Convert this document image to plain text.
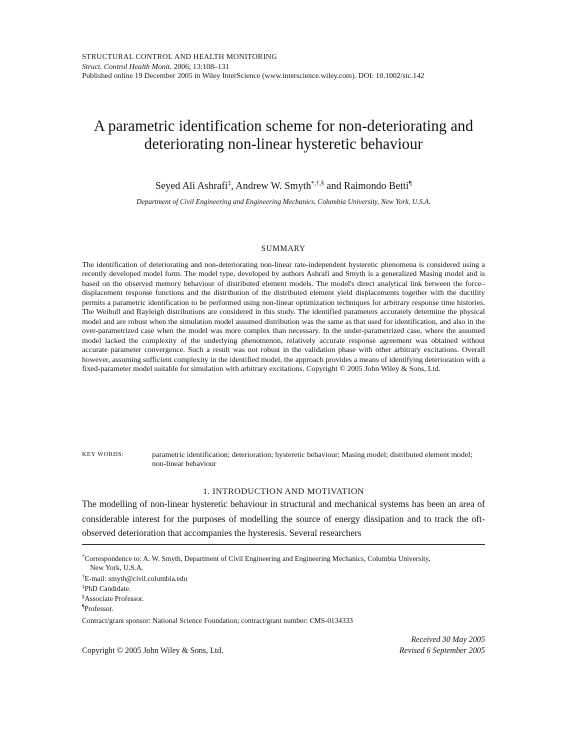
STRUCTURAL CONTROL AND HEALTH MONITORING
Struct. Control Health Monit. 2006; 13:108–131
Published online 19 December 2005 in Wiley InterScience (www.interscience.wiley.com). DOI: 10.1002/stc.142
A parametric identification scheme for non-deteriorating and deteriorating non-linear hysteretic behaviour
Seyed Ali Ashrafi‡, Andrew W. Smyth*,†,§ and Raimondo Betti¶
Department of Civil Engineering and Engineering Mechanics, Columbia University, New York, U.S.A.
SUMMARY
The identification of deteriorating and non-deteriorating non-linear rate-independent hysteretic phenomena is considered using a recently developed model form. The model type, developed by authors Ashrafi and Smyth is a generalized Masing model and is based on the observed memory behaviour of distributed element models. The model's direct analytical link between the force–displacement response functions and the distribution of the distributed element yield displacements together with the ductility permits a parametric identification to be performed using non-linear optimization techniques for arbitrary response time histories. The Weibull and Rayleigh distributions are considered in this study. The identified parameters accurately determine the physical model and are robust when the simulation model assumed distribution was the same as that used for identification, and also in the over-parametrized case when the model was more complex than necessary. In the under-parametrized case, where the assumed model lacked the complexity of the underlying phenomenon, relatively accurate response agreement was obtained without accurate parameter convergence. Such a result was not robust in the validation phase with other arbitrary excitations. Overall however, assuming sufficient complexity in the identified model, the approach provides a means of identifying deterioration with a fixed-parameter model suitable for simulation with arbitrary excitations. Copyright © 2005 John Wiley & Sons, Ltd.
KEY WORDS:	parametric identification; deterioration; hysteretic behaviour; Masing model; distributed element model; non-linear behaviour
1. INTRODUCTION AND MOTIVATION
The modelling of non-linear hysteretic behaviour in structural and mechanical systems has been an area of considerable interest for the purposes of modelling the source of energy dissipation and to track the oft-observed deterioration that accompanies the hysteresis. Several researchers

*Correspondence to: A. W. Smyth, Department of Civil Engineering and Engineering Mechanics, Columbia University,

New York, U.S.A.

†E-mail: smyth@civil.columbia.edu

‡PhD Candidate.

§Associate Professor.

¶Professor.

Contract/grant sponsor: National Science Foundation; contract/grant number: CMS-0134333
Received 30 May 2005
Copyright © 2005 John Wiley & Sons, Ltd.	Revised 6 September 2005
